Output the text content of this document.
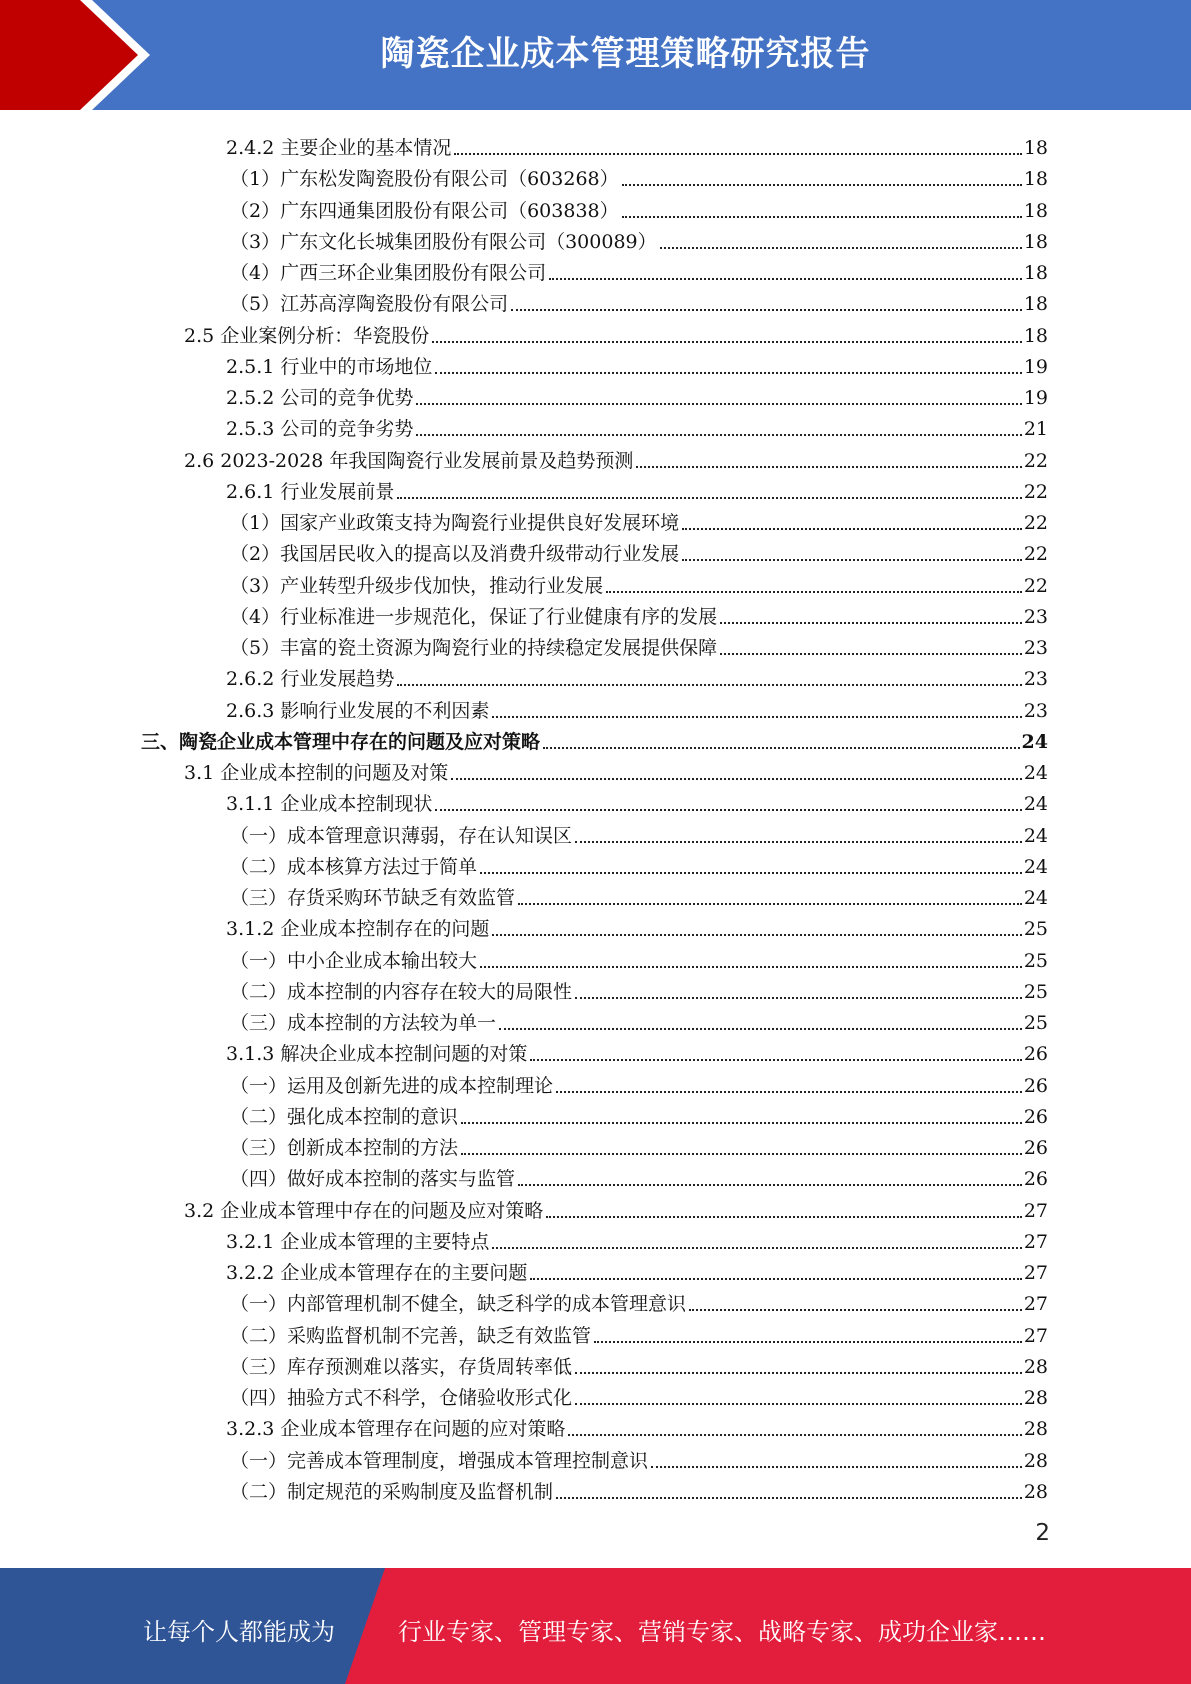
陶瓷企业成本管理策略研究报告
2.4.2 主要企业的基本情况	18
（1）广东松发陶瓷股份有限公司（603268）	18
（2）广东四通集团股份有限公司（603838）	18
（3）广东文化长城集团股份有限公司（300089）	18
（4）广西三环企业集团股份有限公司	18
（5）江苏高淳陶瓷股份有限公司	18
2.5 企业案例分析：华瓷股份	18
2.5.1 行业中的市场地位	19
2.5.2 公司的竞争优势	19
2.5.3 公司的竞争劣势	21
2.6 2023-2028 年我国陶瓷行业发展前景及趋势预测	22
2.6.1 行业发展前景	22
（1）国家产业政策支持为陶瓷行业提供良好发展环境	22
（2）我国居民收入的提高以及消费升级带动行业发展	22
（3）产业转型升级步伐加快，推动行业发展	22
（4）行业标准进一步规范化，保证了行业健康有序的发展	23
（5）丰富的瓷土资源为陶瓷行业的持续稳定发展提供保障	23
2.6.2 行业发展趋势	23
2.6.3 影响行业发展的不利因素	23
三、陶瓷企业成本管理中存在的问题及应对策略	24
3.1 企业成本控制的问题及对策	24
3.1.1 企业成本控制现状	24
（一）成本管理意识薄弱，存在认知误区	24
（二）成本核算方法过于简单	24
（三）存货采购环节缺乏有效监管	24
3.1.2 企业成本控制存在的问题	25
（一）中小企业成本输出较大	25
（二）成本控制的内容存在较大的局限性	25
（三）成本控制的方法较为单一	25
3.1.3 解决企业成本控制问题的对策	26
（一）运用及创新先进的成本控制理论	26
（二）强化成本控制的意识	26
（三）创新成本控制的方法	26
（四）做好成本控制的落实与监管	26
3.2 企业成本管理中存在的问题及应对策略	27
3.2.1 企业成本管理的主要特点	27
3.2.2 企业成本管理存在的主要问题	27
（一）内部管理机制不健全，缺乏科学的成本管理意识	27
（二）采购监督机制不完善，缺乏有效监管	27
（三）库存预测难以落实，存货周转率低	28
（四）抽验方式不科学，仓储验收形式化	28
3.2.3 企业成本管理存在问题的应对策略	28
（一）完善成本管理制度，增强成本管理控制意识	28
（二）制定规范的采购制度及监督机制	28
2
让每个人都能成为	行业专家、管理专家、营销专家、战略专家、成功企业家……
